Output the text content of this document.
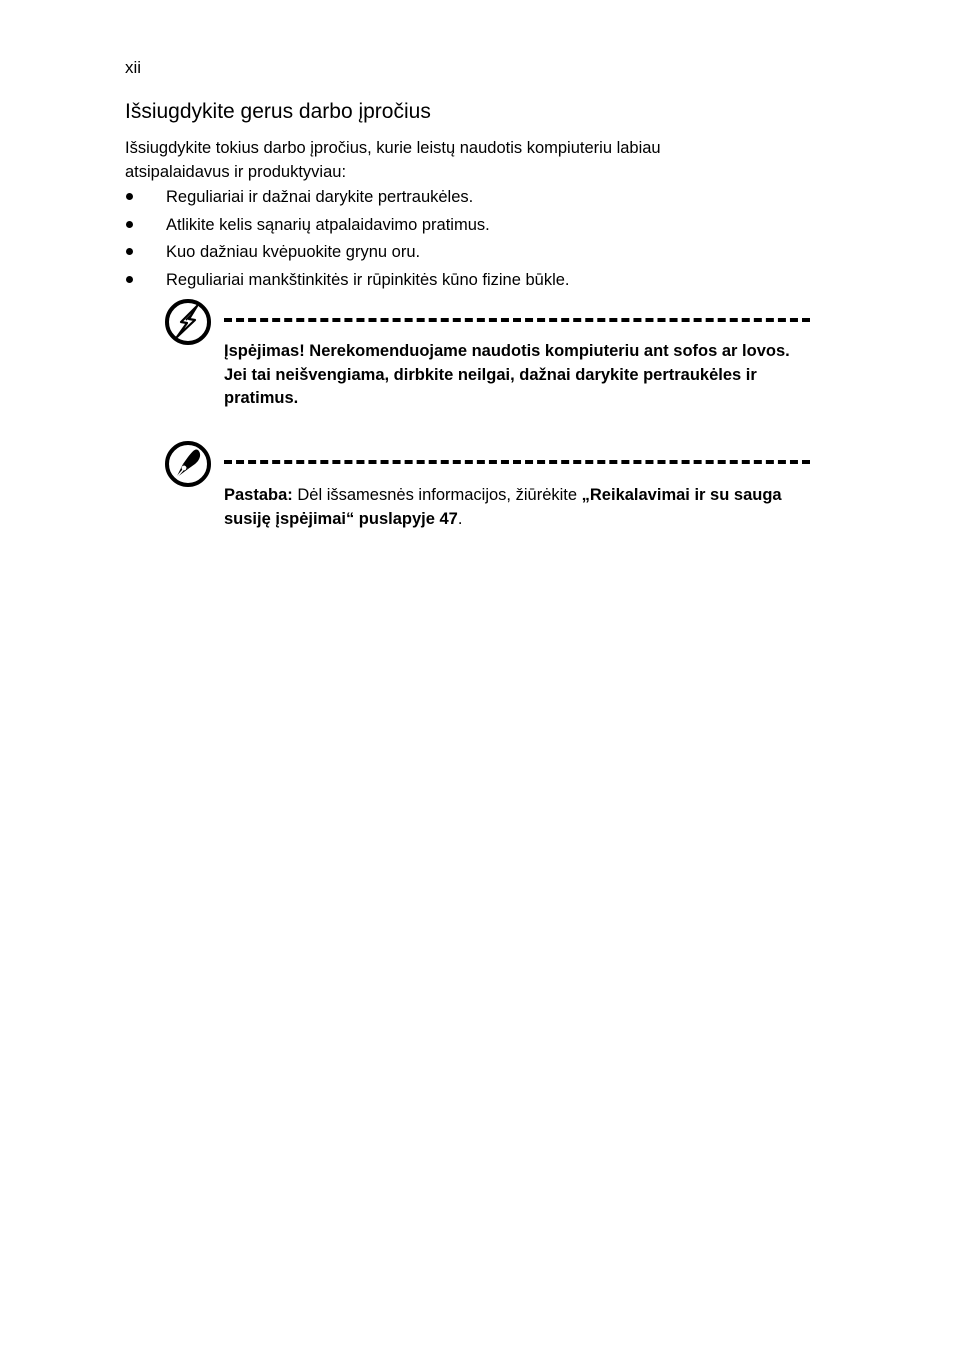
xii
Išsiugdykite gerus darbo įpročius

Išsiugdykite tokius darbo įpročius, kurie leistų naudotis kompiuteriu labiau atsipalaidavus ir produktyviau:

Reguliariai ir dažnai darykite pertraukėles.
Atlikite kelis sąnarių atpalaidavimo pratimus.
Kuo dažniau kvėpuokite grynu oru.
Reguliariai mankštinkitės ir rūpinkitės kūno fizine būkle.

Įspėjimas! Nerekomenduojame naudotis kompiuteriu ant sofos ar lovos. Jei tai neišvengiama, dirbkite neilgai, dažnai darykite pertraukėles ir pratimus.

Pastaba: Dėl išsamesnės informacijos, žiūrėkite „Reikalavimai ir su sauga susiję įspėjimai“ puslapyje 47.
